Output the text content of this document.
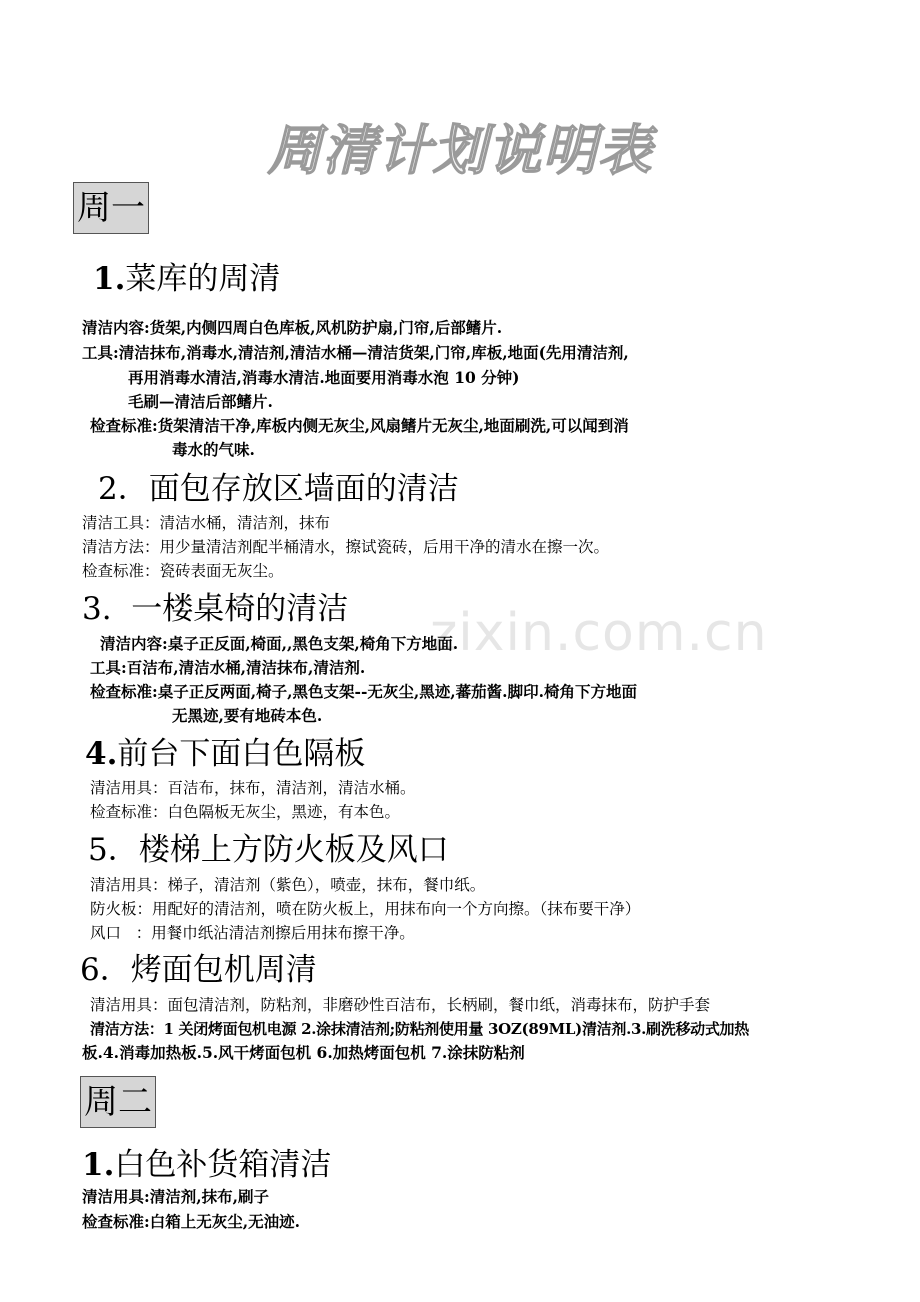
周清计划说明表
zixin.com.cn
周一
1.菜库的周清
清洁内容:货架,内侧四周白色库板,风机防护扇,门帘,后部鳍片.
工具:清洁抹布,消毒水,清洁剂,清洁水桶—清洁货架,门帘,库板,地面(先用清洁剂,
再用消毒水清洁,消毒水清洁.地面要用消毒水泡 10 分钟)
毛刷—清洁后部鳍片.
检查标准:货架清洁干净,库板内侧无灰尘,风扇鳍片无灰尘,地面刷洗,可以闻到消
毒水的气味.
2．面包存放区墙面的清洁
清洁工具：清洁水桶，清洁剂，抹布
清洁方法：用少量清洁剂配半桶清水，擦试瓷砖，后用干净的清水在擦一次。
检查标准：瓷砖表面无灰尘。
3.  一楼桌椅的清洁
清洁内容:桌子正反面,椅面,,黑色支架,椅角下方地面.
工具:百洁布,清洁水桶,清洁抹布,清洁剂.
检查标准:桌子正反两面,椅子,黑色支架--无灰尘,黑迹,蕃茄酱.脚印.椅角下方地面
无黑迹,要有地砖本色.
4.前台下面白色隔板
清洁用具：百洁布，抹布，清洁剂，清洁水桶。
检查标准：白色隔板无灰尘，黑迹，有本色。
5．楼梯上方防火板及风口
清洁用具：梯子，清洁剂（紫色），喷壶，抹布，餐巾纸。
防火板：用配好的清洁剂，喷在防火板上，用抹布向一个方向擦。（抹布要干净）
风口   ：用餐巾纸沾清洁剂擦后用抹布擦干净。
6．烤面包机周清
清洁用具：面包清洁剂，防粘剂，非磨砂性百洁布，长柄刷，餐巾纸，消毒抹布，防护手套
清洁方法：1 关闭烤面包机电源 2.涂抹清洁剂;防粘剂使用量 3OZ(89ML)清洁剂.3.刷洗移动式加热
板.4.消毒加热板.5.风干烤面包机 6.加热烤面包机 7.涂抹防粘剂
周二
1.白色补货箱清洁
清洁用具:清洁剂,抹布,刷子
检查标准:白箱上无灰尘,无油迹.
